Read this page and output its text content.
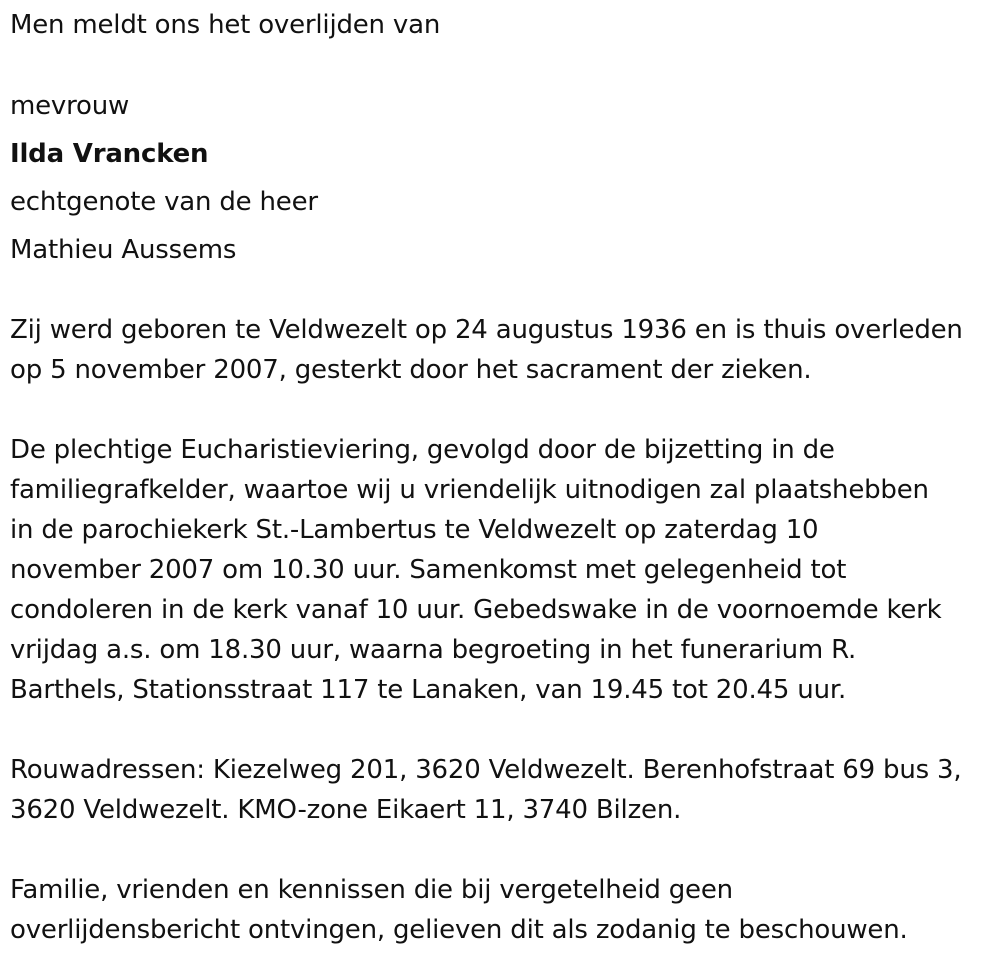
Men meldt ons het overlijden van
mevrouw
Ilda Vrancken
echtgenote van de heer
Mathieu Aussems
Zij werd geboren te Veldwezelt op 24 augustus 1936 en is thuis overleden
op 5 november 2007, gesterkt door het sacrament der zieken.
De plechtige Eucharistieviering, gevolgd door de bijzetting in de
familiegrafkelder, waartoe wij u vriendelijk uitnodigen zal plaatshebben
in de parochiekerk St.-Lambertus te Veldwezelt op zaterdag 10
november 2007 om 10.30 uur. Samenkomst met gelegenheid tot
condoleren in de kerk vanaf 10 uur. Gebedswake in de voornoemde kerk
vrijdag a.s. om 18.30 uur, waarna begroeting in het funerarium R.
Barthels, Stationsstraat 117 te Lanaken, van 19.45 tot 20.45 uur.
Rouwadressen: Kiezelweg 201, 3620 Veldwezelt. Berenhofstraat 69 bus 3,
3620 Veldwezelt. KMO-zone Eikaert 11, 3740 Bilzen.
Familie, vrienden en kennissen die bij vergetelheid geen
overlijdensbericht ontvingen, gelieven dit als zodanig te beschouwen.
